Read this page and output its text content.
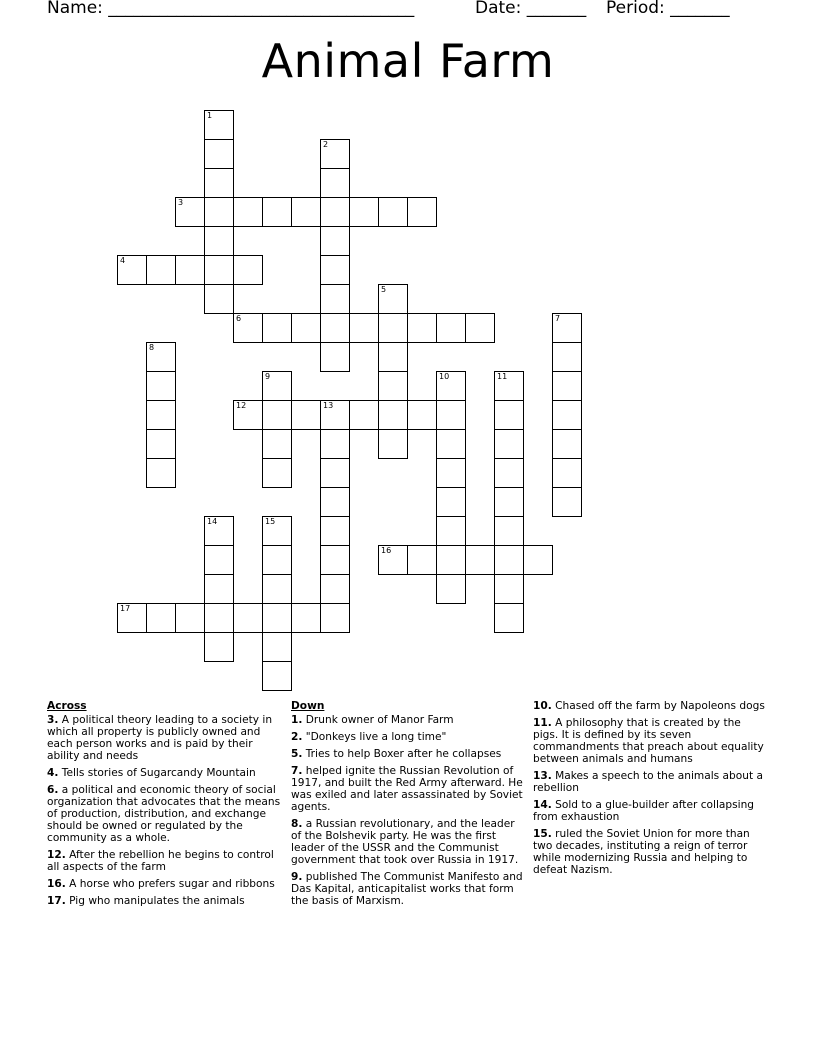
Name: ____________________________________	Date: _______ Period: _______
Animal Farm
1
2
3
4
5
6	7
8
9	10	11
12	13
14	15
16
17
Across
3. A political theory leading to a society in which all property is publicly owned and each person works and is paid by their ability and needs
4. Tells stories of Sugarcandy Mountain
6. a political and economic theory of social organization that advocates that the means of production, distribution, and exchange should be owned or regulated by the community as a whole.
12. After the rebellion he begins to control all aspects of the farm
16. A horse who prefers sugar and ribbons
17. Pig who manipulates the animals
Down
1. Drunk owner of Manor Farm
2. "Donkeys live a long time"
5. Tries to help Boxer after he collapses
7. helped ignite the Russian Revolution of 1917, and built the Red Army afterward. He was exiled and later assassinated by Soviet agents.
8. a Russian revolutionary, and the leader of the Bolshevik party. He was the first leader of the USSR and the Communist government that took over Russia in 1917.
9. published The Communist Manifesto and Das Kapital, anticapitalist works that form the basis of Marxism.
10. Chased off the farm by Napoleons dogs
11. A philosophy that is created by the pigs. It is defined by its seven commandments that preach about equality between animals and humans
13. Makes a speech to the animals about a rebellion
14. Sold to a glue-builder after collapsing from exhaustion
15. ruled the Soviet Union for more than two decades, instituting a reign of terror while modernizing Russia and helping to defeat Nazism.
